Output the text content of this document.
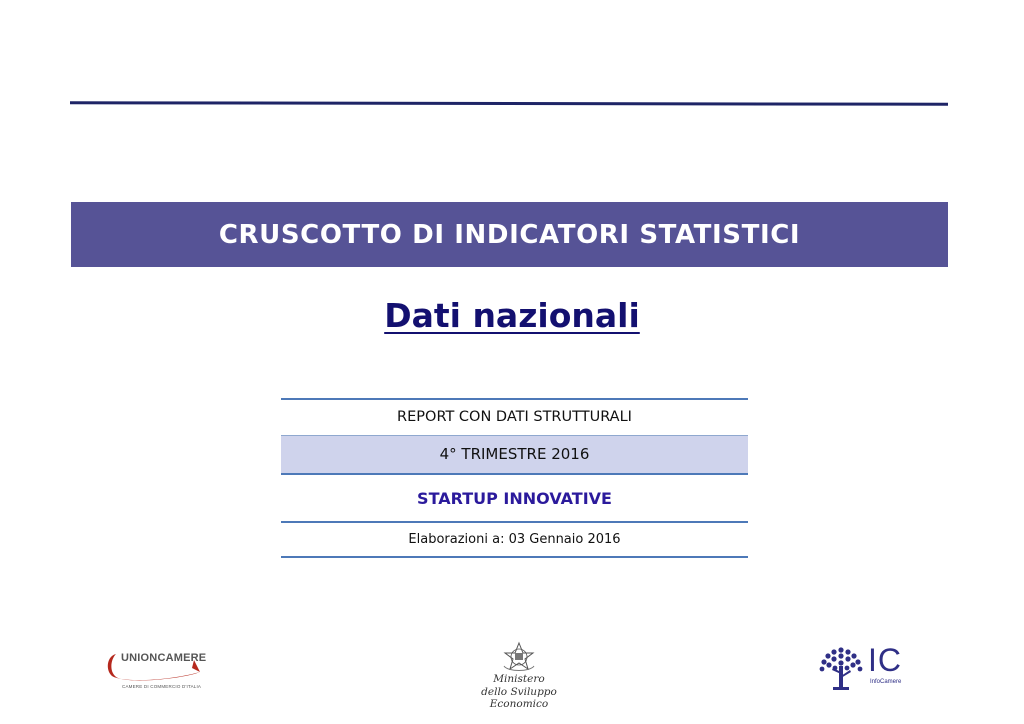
CRUSCOTTO DI INDICATORI STATISTICI
Dati nazionali
REPORT CON DATI STRUTTURALI
4° TRIMESTRE 2016
STARTUP INNOVATIVE
Elaborazioni a: 03 Gennaio 2016
UNIONCAMERE
CAMERE DI COMMERCIO D'ITALIA
Ministero
dello Sviluppo Economico
IC
InfoCamere
